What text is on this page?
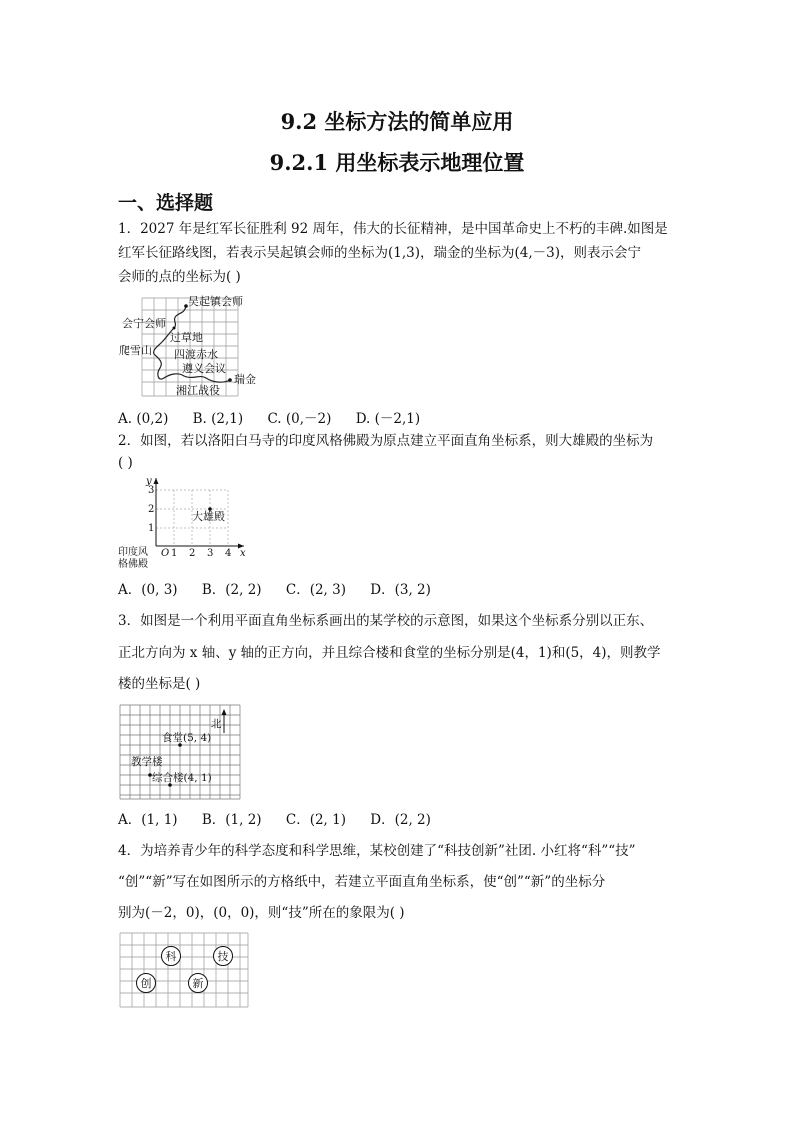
9.2 坐标方法的简单应用
9.2.1 用坐标表示地理位置
一、选择题
1．2027 年是红军长征胜利 92 周年，伟大的长征精神，是中国革命史上不朽的丰碑.如图是
红军长征路线图，若表示吴起镇会师的坐标为(1,3)，瑞金的坐标为(4,－3)，则表示会宁
会师的点的坐标为( )
吴起镇会师
会宁会师
过草地
爬雪山 四渡赤水
遵义会议
瑞金
湘江战役
A. (0,2) B. (2,1) C. (0,－2) D. (－2,1)
2．如图，若以洛阳白马寺的印度风格佛殿为原点建立平面直角坐标系，则大雄殿的坐标为
( )
y
x
O 1 2 3 4
1
2
3
大雄殿
印度风
格佛殿
A．(0, 3) B．(2, 2) C．(2, 3) D．(3, 2)
3．如图是一个利用平面直角坐标系画出的某学校的示意图，如果这个坐标系分别以正东、
正北方向为 x 轴、y 轴的正方向，并且综合楼和食堂的坐标分别是(4，1)和(5，4)，则教学
楼的坐标是( )
北
食堂(5, 4)
教学楼
综合楼(4, 1)
A．(1, 1) B．(1, 2) C．(2, 1) D．(2, 2)
4．为培养青少年的科学态度和科学思维，某校创建了“科技创新”社团. 小红将“科”“技”
“创”“新”写在如图所示的方格纸中，若建立平面直角坐标系，使“创”“新”的坐标分
别为(－2，0)，(0，0)，则“技”所在的象限为( )
科	技
创	新
